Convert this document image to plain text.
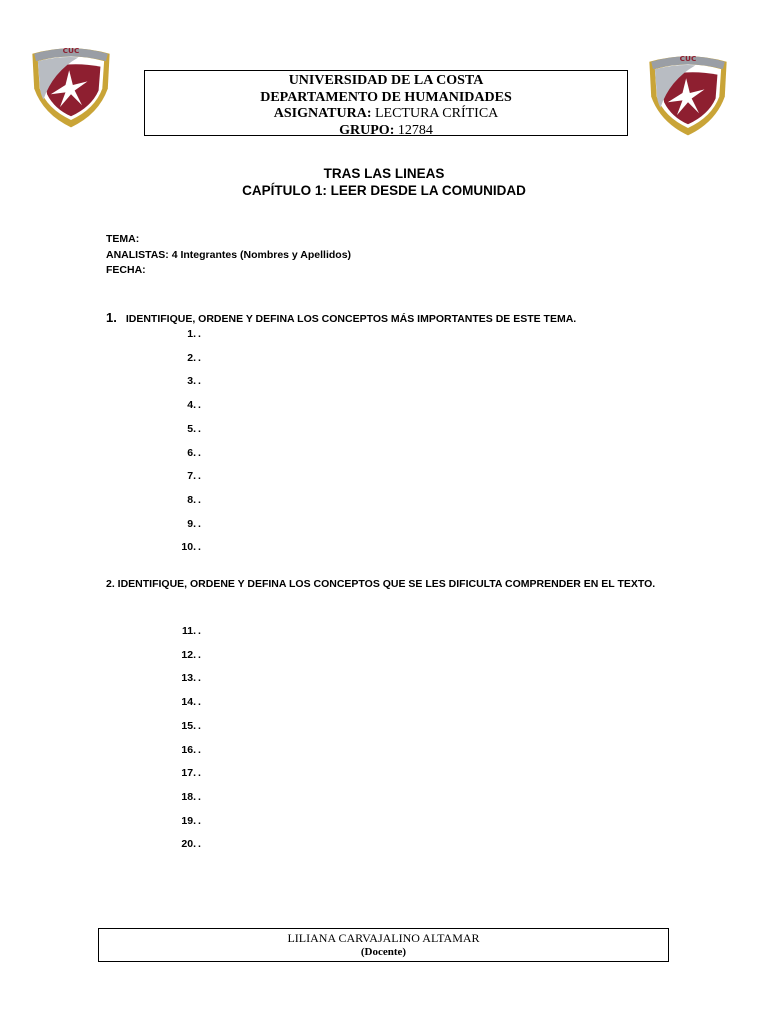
CUC
CUC
UNIVERSIDAD DE LA COSTA
DEPARTAMENTO DE HUMANIDADES
ASIGNATURA: LECTURA CRÍTICA
GRUPO: 12784
TRAS LAS LINEAS
CAPÍTULO 1: LEER DESDE LA COMUNIDAD
TEMA:
ANALISTAS: 4 Integrantes (Nombres y Apellidos)
FECHA:
1. IDENTIFIQUE, ORDENE Y DEFINA LOS CONCEPTOS MÁS IMPORTANTES DE ESTE TEMA.
1. .
2. .
3. .
4. .
5. .
6. .
7. .
8. .
9. .
10. .
2. IDENTIFIQUE, ORDENE Y DEFINA LOS CONCEPTOS QUE SE LES DIFICULTA COMPRENDER EN EL TEXTO.
11. .
12. .
13. .
14. .
15. .
16. .
17. .
18. .
19. .
20. .
LILIANA CARVAJALINO ALTAMAR
(Docente)
